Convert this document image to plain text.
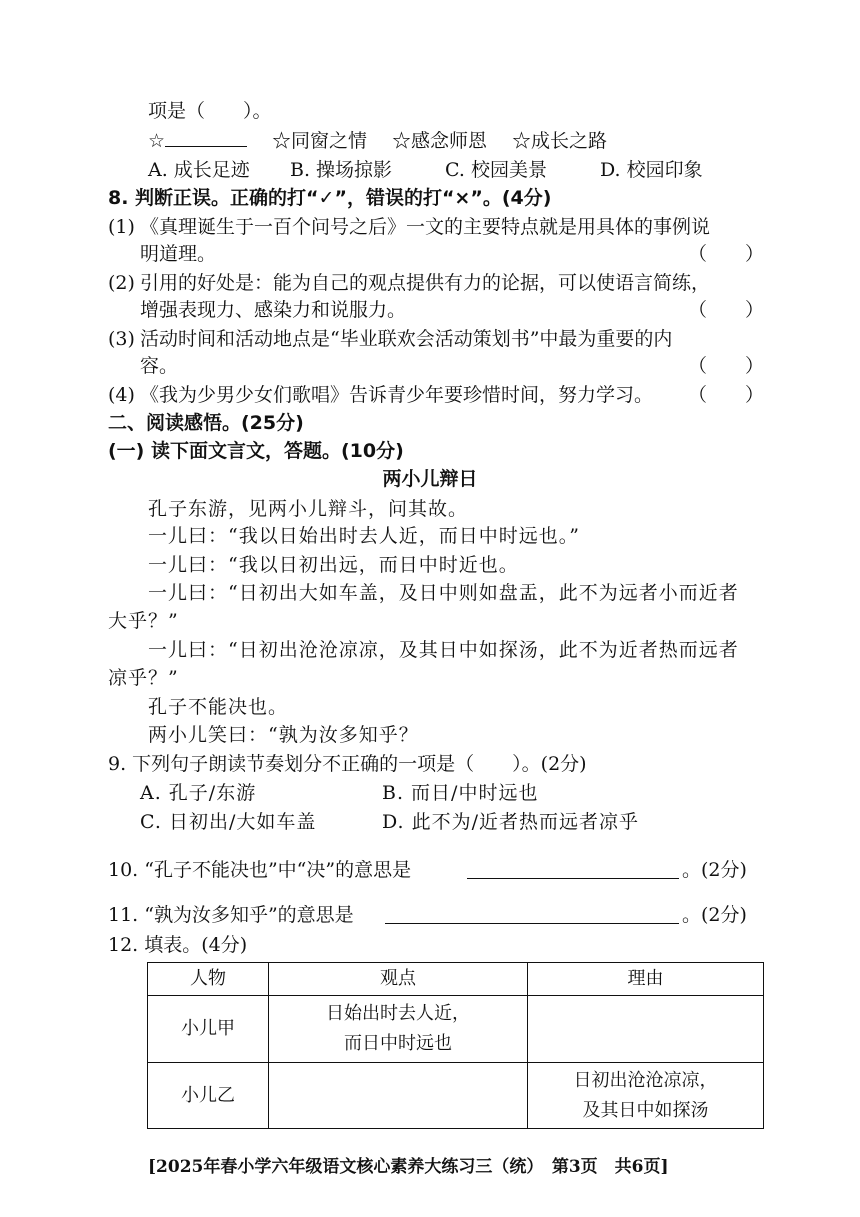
项是（　　）。
☆	☆同窗之情 ☆感念师恩 ☆成长之路
A. 成长足迹 B. 操场掠影	C. 校园美景	D. 校园印象
8. 判断正误。正确的打“✓”，错误的打“×”。(4分)
(1) 《真理诞生于一百个问号之后》一文的主要特点就是用具体的事例说
明道理。	（　　）
(2) 引用的好处是：能为自己的观点提供有力的论据，可以使语言简练，
增强表现力、感染力和说服力。	（　　）
(3) 活动时间和活动地点是“毕业联欢会活动策划书”中最为重要的内
容。	（　　）
(4) 《我为少男少女们歌唱》告诉青少年要珍惜时间，努力学习。 （　　）
二、阅读感悟。(25分)
(一) 读下面文言文，答题。(10分)
两小儿辩日
孔子东游，见两小儿辩斗，问其故。
一儿曰：“我以日始出时去人近，而日中时远也。”
一儿曰：“我以日初出远，而日中时近也。
一儿曰：“日初出大如车盖，及日中则如盘盂，此不为远者小而近者
大乎？”
一儿曰：“日初出沧沧凉凉，及其日中如探汤，此不为近者热而远者
凉乎？”
孔子不能决也。
两小儿笑曰：“孰为汝多知乎？
9. 下列句子朗读节奏划分不正确的一项是（　　）。(2分)
A. 孔子/东游	B. 而日/中时远也
C. 日初出/大如车盖	D. 此不为/近者热而远者凉乎
10. “孔子不能决也”中“决”的意思是	。(2分)
11. “孰为汝多知乎”的意思是	。(2分)
12. 填表。(4分)
人物	观点	理由
小儿甲	日始出时去人近，
而日中时远也	

小儿乙		日初出沧沧凉凉，
及其日中如探汤
[2025年春小学六年级语文核心素养大练习三（统）　第3页　共6页]
